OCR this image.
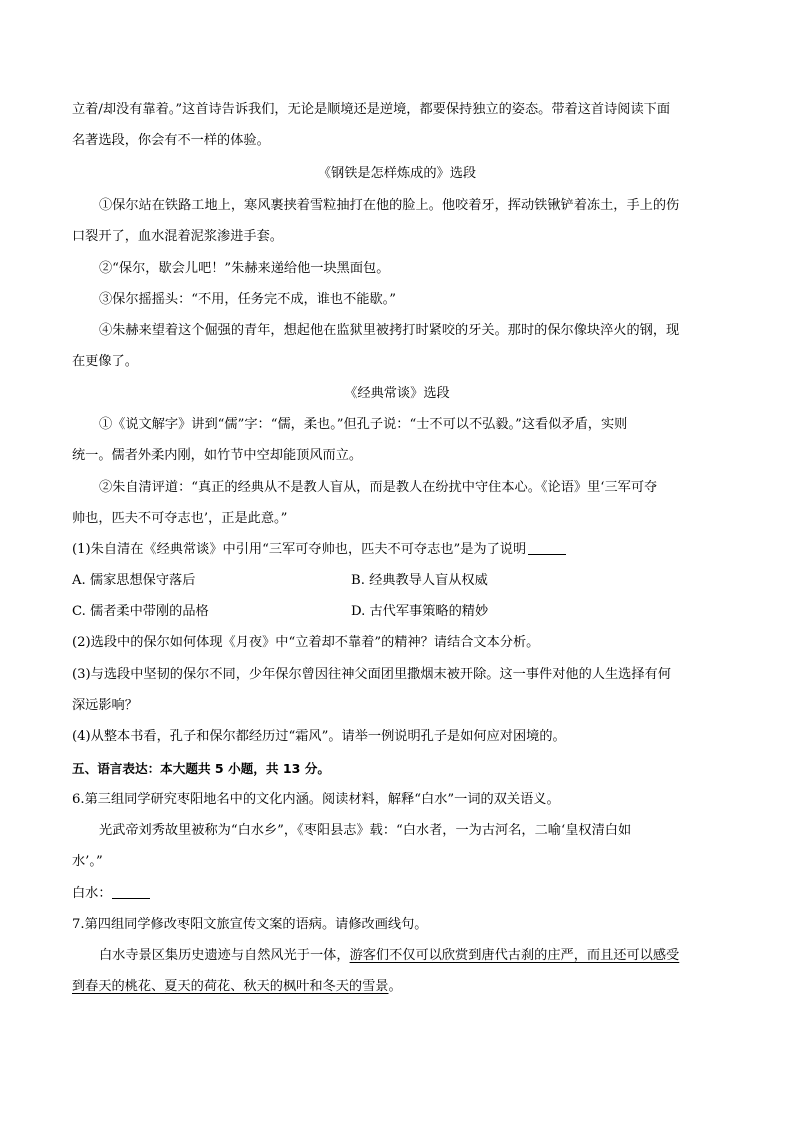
立着/却没有靠着。”这首诗告诉我们，无论是顺境还是逆境，都要保持独立的姿态。带着这首诗阅读下面
名著选段，你会有不一样的体验。
《钢铁是怎样炼成的》选段
①保尔站在铁路工地上，寒风裹挟着雪粒抽打在他的脸上。他咬着牙，挥动铁锹铲着冻土，手上的伤
口裂开了，血水混着泥浆渗进手套。
②“保尔，歇会儿吧！”朱赫来递给他一块黑面包。
③保尔摇摇头：“不用，任务完不成，谁也不能歇。”
④朱赫来望着这个倔强的青年，想起他在监狱里被拷打时紧咬的牙关。那时的保尔像块淬火的钢，现
在更像了。
《经典常谈》选段
①《说文解字》讲到“儒”字：“儒，柔也。”但孔子说：“士不可以不弘毅。”这看似矛盾，实则
统一。儒者外柔内刚，如竹节中空却能顶风而立。
②朱自清评道：“真正的经典从不是教人盲从，而是教人在纷扰中守住本心。《论语》里‘三军可夺
帅也，匹夫不可夺志也’，正是此意。”
(1)朱自清在《经典常谈》中引用“三军可夺帅也，匹夫不可夺志也”是为了说明
A. 儒家思想保守落后	B. 经典教导人盲从权威
C. 儒者柔中带刚的品格	D. 古代军事策略的精妙
(2)选段中的保尔如何体现《月夜》中“立着却不靠着”的精神？请结合文本分析。
(3)与选段中坚韧的保尔不同，少年保尔曾因往神父面团里撒烟末被开除。这一事件对他的人生选择有何
深远影响？
(4)从整本书看，孔子和保尔都经历过“霜风”。请举一例说明孔子是如何应对困境的。
五、语言表达：本大题共 5 小题，共 13 分。
6.第三组同学研究枣阳地名中的文化内涵。阅读材料，解释“白水”一词的双关语义。
光武帝刘秀故里被称为“白水乡”，《枣阳县志》载：“白水者，一为古河名，二喻‘皇权清白如
水’。”
白水：
7.第四组同学修改枣阳文旅宣传文案的语病。请修改画线句。
白水寺景区集历史遗迹与自然风光于一体，游客们不仅可以欣赏到唐代古刹的庄严，而且还可以感受
到春天的桃花、夏天的荷花、秋天的枫叶和冬天的雪景。
